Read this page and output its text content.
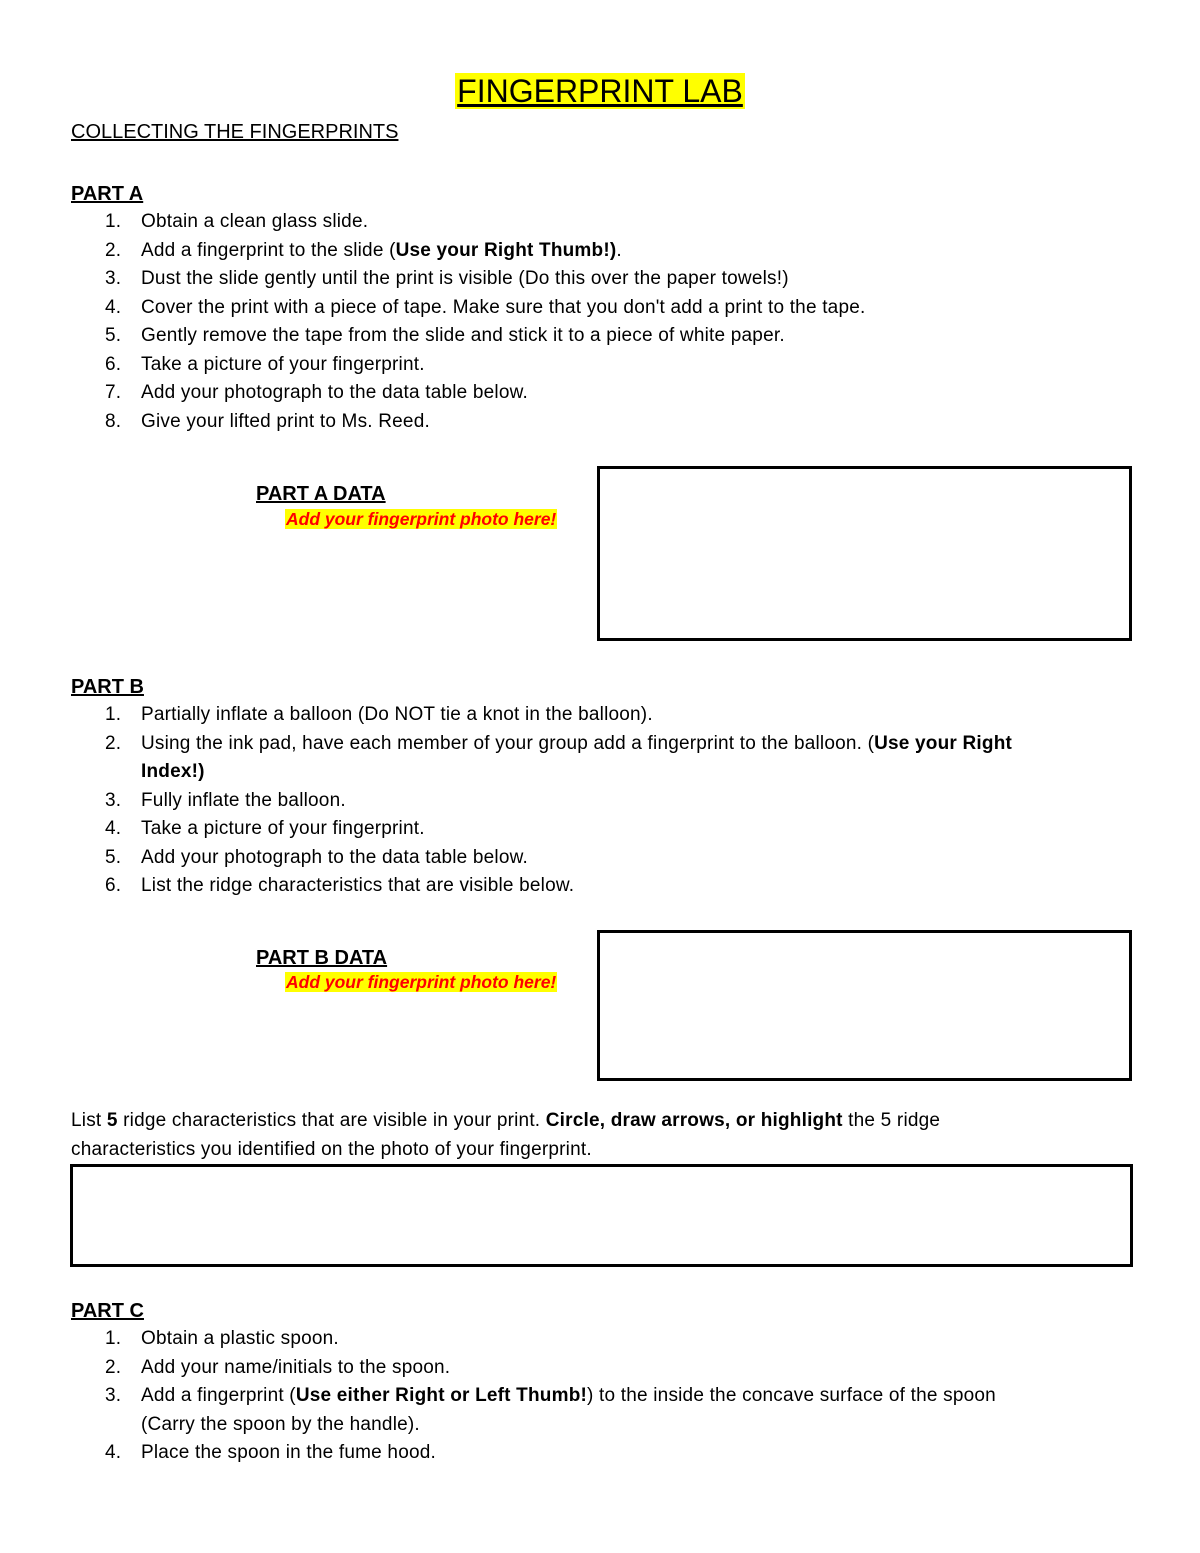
FINGERPRINT LAB
COLLECTING THE FINGERPRINTS
PART A
1.	Obtain a clean glass slide.
2.	Add a fingerprint to the slide (Use your Right Thumb!).
3.	Dust the slide gently until the print is visible (Do this over the paper towels!)
4.	Cover the print with a piece of tape. Make sure that you don't add a print to the tape.
5.	Gently remove the tape from the slide and stick it to a piece of white paper.
6.	Take a picture of your fingerprint.
7.	Add your photograph to the data table below.
8.	Give your lifted print to Ms. Reed.
PART A DATA
Add your fingerprint photo here!
PART B
1.	Partially inflate a balloon (Do NOT tie a knot in the balloon).
2.	Using the ink pad, have each member of your group add a fingerprint to the balloon. (Use your Right
Index!)
3.	Fully inflate the balloon.
4.	Take a picture of your fingerprint.
5.	Add your photograph to the data table below.
6.	List the ridge characteristics that are visible below.
PART B DATA
Add your fingerprint photo here!
List 5 ridge characteristics that are visible in your print. Circle, draw arrows, or highlight the 5 ridge
characteristics you identified on the photo of your fingerprint.
PART C
1.	Obtain a plastic spoon.
2.	Add your name/initials to the spoon.
3.	Add a fingerprint (Use either Right or Left Thumb!) to the inside the concave surface of the spoon
(Carry the spoon by the handle).
4.	Place the spoon in the fume hood.
